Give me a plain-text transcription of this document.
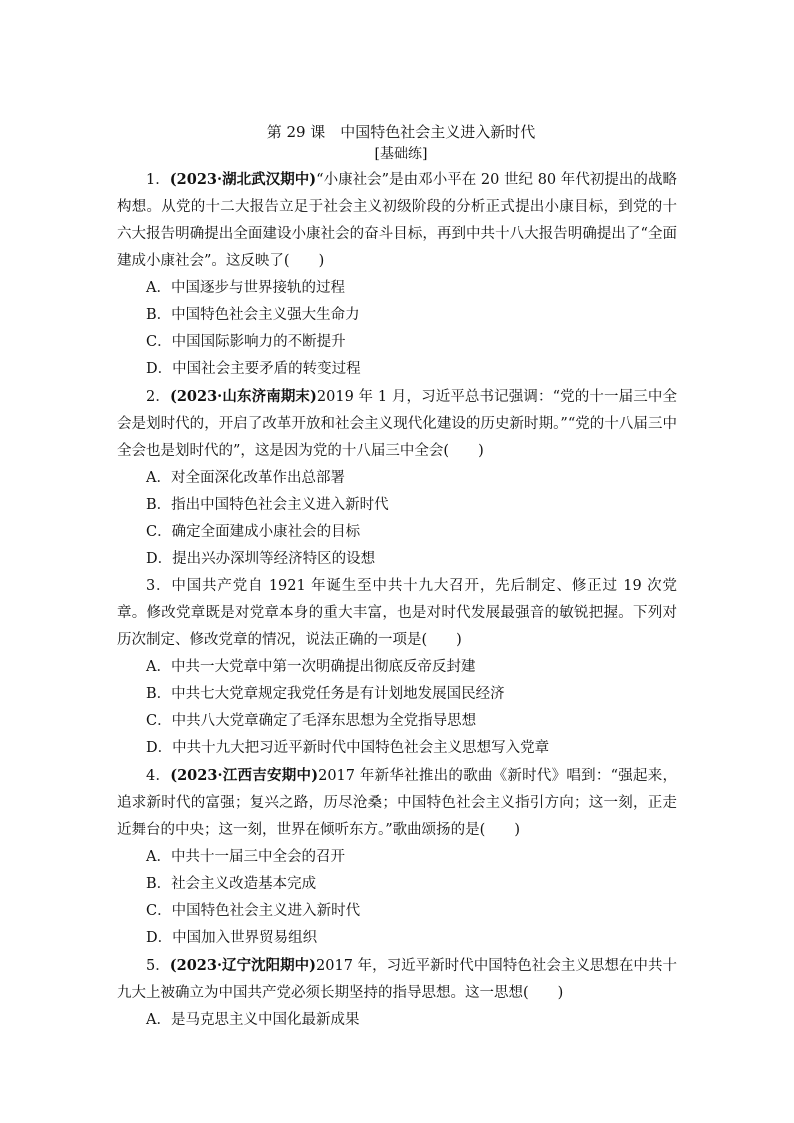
第 29 课　中国特色社会主义进入新时代
[基础练]

1．(2023·湖北武汉期中)“小康社会”是由邓小平在 20 世纪 80 年代初提出的战略构想。从党的十二大报告立足于社会主义初级阶段的分析正式提出小康目标，到党的十六大报告明确提出全面建设小康社会的奋斗目标，再到中共十八大报告明确提出了“全面建成小康社会”。这反映了(　　)

A．中国逐步与世界接轨的过程

B．中国特色社会主义强大生命力

C．中国国际影响力的不断提升

D．中国社会主要矛盾的转变过程

2．(2023·山东济南期末)2019 年 1 月，习近平总书记强调：“党的十一届三中全会是划时代的，开启了改革开放和社会主义现代化建设的历史新时期。”“党的十八届三中全会也是划时代的”，这是因为党的十八届三中全会(　　)

A．对全面深化改革作出总部署

B．指出中国特色社会主义进入新时代

C．确定全面建成小康社会的目标

D．提出兴办深圳等经济特区的设想

3．中国共产党自 1921 年诞生至中共十九大召开，先后制定、修正过 19 次党章。修改党章既是对党章本身的重大丰富，也是对时代发展最强音的敏锐把握。下列对历次制定、修改党章的情况，说法正确的一项是(　　)

A．中共一大党章中第一次明确提出彻底反帝反封建

B．中共七大党章规定我党任务是有计划地发展国民经济

C．中共八大党章确定了毛泽东思想为全党指导思想

D．中共十九大把习近平新时代中国特色社会主义思想写入党章

4．(2023·江西吉安期中)2017 年新华社推出的歌曲《新时代》唱到：“强起来，追求新时代的富强；复兴之路，历尽沧桑；中国特色社会主义指引方向；这一刻，正走近舞台的中央；这一刻，世界在倾听东方。”歌曲颂扬的是(　　)

A．中共十一届三中全会的召开

B．社会主义改造基本完成

C．中国特色社会主义进入新时代

D．中国加入世界贸易组织

5．(2023·辽宁沈阳期中)2017 年，习近平新时代中国特色社会主义思想在中共十九大上被确立为中国共产党必须长期坚持的指导思想。这一思想(　　)

A．是马克思主义中国化最新成果
